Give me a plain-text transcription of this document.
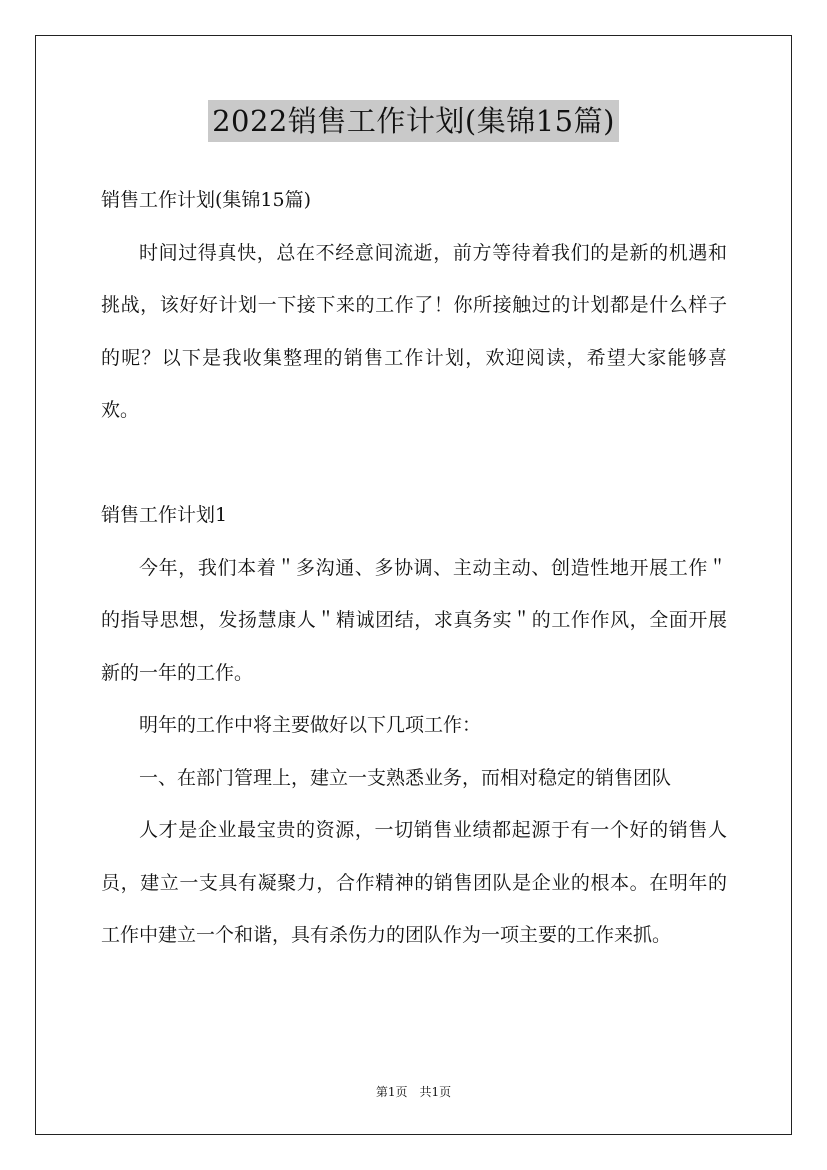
2022销售工作计划(集锦15篇)

销售工作计划(集锦15篇)

时间过得真快，总在不经意间流逝，前方等待着我们的是新的机遇和挑战，该好好计划一下接下来的工作了！你所接触过的计划都是什么样子的呢？以下是我收集整理的销售工作计划，欢迎阅读，希望大家能够喜欢。

销售工作计划1

今年，我们本着＂多沟通、多协调、主动主动、创造性地开展工作＂的指导思想，发扬慧康人＂精诚团结，求真务实＂的工作作风，全面开展新的一年的工作。

明年的工作中将主要做好以下几项工作：

一、在部门管理上，建立一支熟悉业务，而相对稳定的销售团队

人才是企业最宝贵的资源，一切销售业绩都起源于有一个好的销售人员，建立一支具有凝聚力，合作精神的销售团队是企业的根本。在明年的工作中建立一个和谐，具有杀伤力的团队作为一项主要的工作来抓。

第1页　共1页
